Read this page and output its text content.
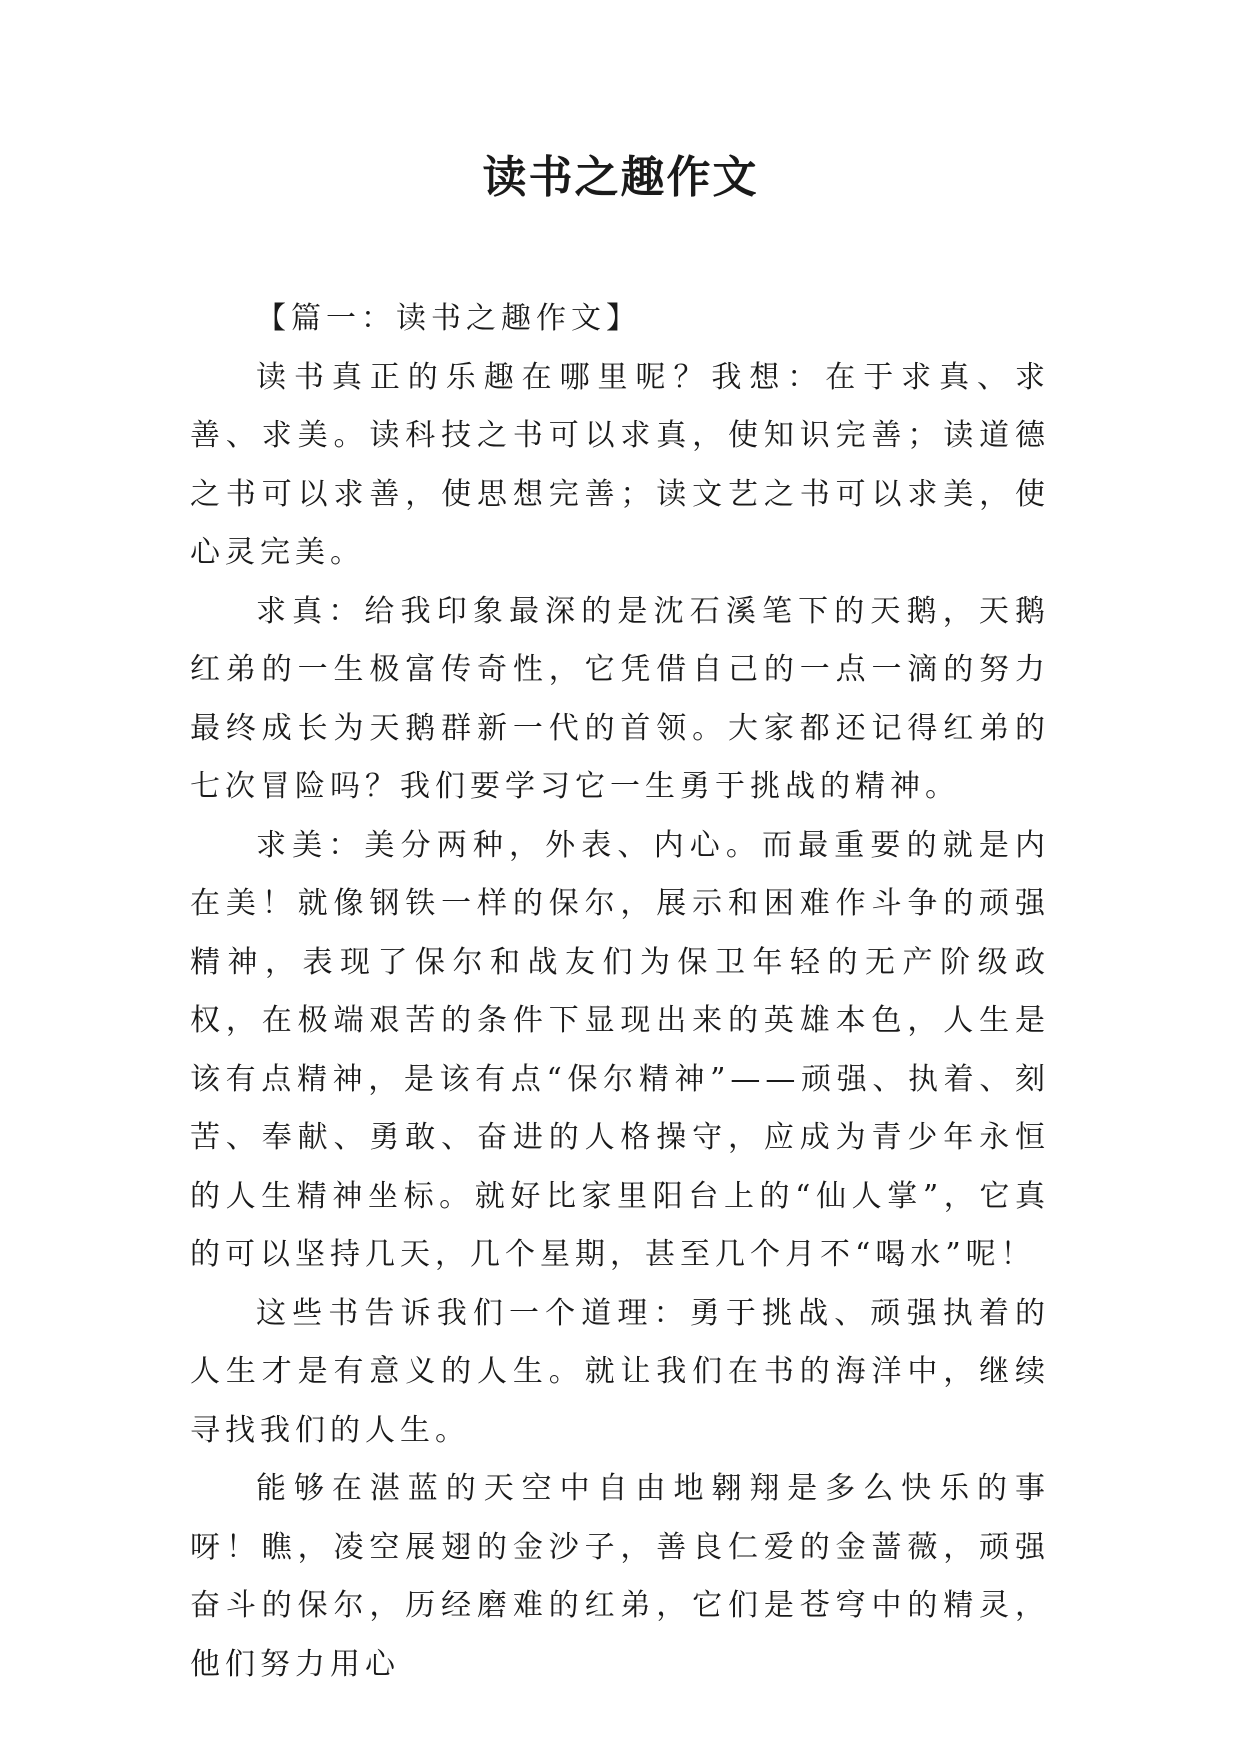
读书之趣作文

【篇一：读书之趣作文】

读书真正的乐趣在哪里呢？我想：在于求真、求善、求美。读科技之书可以求真，使知识完善；读道德之书可以求善，使思想完善；读文艺之书可以求美，使心灵完美。

求真：给我印象最深的是沈石溪笔下的天鹅，天鹅红弟的一生极富传奇性，它凭借自己的一点一滴的努力最终成长为天鹅群新一代的首领。大家都还记得红弟的七次冒险吗？我们要学习它一生勇于挑战的精神。

求美：美分两种，外表、内心。而最重要的就是内在美！就像钢铁一样的保尔，展示和困难作斗争的顽强精神，表现了保尔和战友们为保卫年轻的无产阶级政权，在极端艰苦的条件下显现出来的英雄本色，人生是该有点精神，是该有点“保尔精神”——顽强、执着、刻苦、奉献、勇敢、奋进的人格操守，应成为青少年永恒的人生精神坐标。就好比家里阳台上的“仙人掌”，它真的可以坚持几天，几个星期，甚至几个月不“喝水”呢！

这些书告诉我们一个道理：勇于挑战、顽强执着的人生才是有意义的人生。就让我们在书的海洋中，继续寻找我们的人生。

能够在湛蓝的天空中自由地翱翔是多么快乐的事呀！瞧，凌空展翅的金沙子，善良仁爱的金蔷薇，顽强奋斗的保尔，历经磨难的红弟，它们是苍穹中的精灵，他们努力用心
